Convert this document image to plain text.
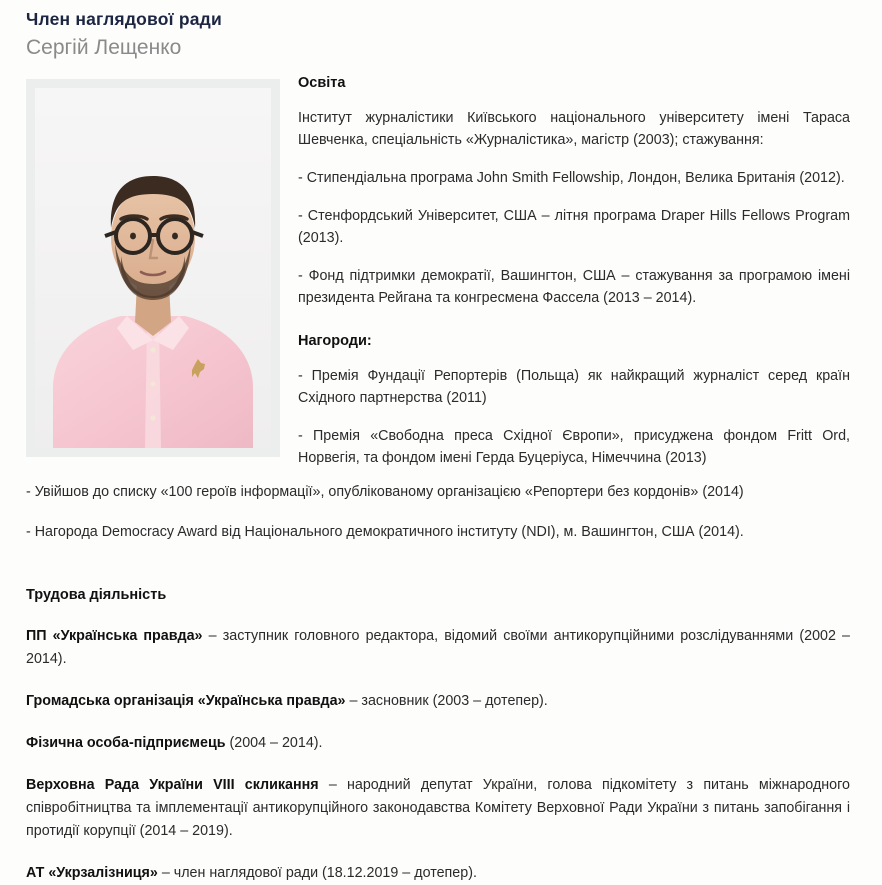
Член наглядової ради
Сергій Лещенко
Освіта

Інститут журналістики Київського національного університету імені Тараса Шевченка, спеціальність «Журналістика», магістр (2003); стажування:

- Стипендіальна програма John Smith Fellowship, Лондон, Велика Британія (2012).

- Стенфордський Університет, США – літня програма Draper Hills Fellows Program (2013).

- Фонд підтримки демократії, Вашингтон, США – стажування за програмою імені президента Рейгана та конгресмена Фассела (2013 – 2014).

Нагороди:

- Премія Фундації Репортерів (Польща) як найкращий журналіст серед країн Східного партнерства (2011)

- Премія «Свободна преса Східної Європи», присуджена фондом Fritt Ord, Норвегія, та фондом імені Герда Буцеріуса, Німеччина (2013)

- Увійшов до списку «100 героїв інформації», опублікованому організацією «Репортери без кордонів» (2014)

- Нагорода Democracy Award від Національного демократичного інституту (NDI), м. Вашингтон, США (2014).

Трудова діяльність

ПП «Українська правда» – заступник головного редактора, відомий своїми антикорупційними розслідуваннями (2002 – 2014).

Громадська організація «Українська правда» – засновник (2003 – дотепер).

Фізична особа-підприємець (2004 – 2014).

Верховна Рада України VIII скликання – народний депутат України, голова підкомітету з питань міжнародного співробітництва та імплементації антикорупційного законодавства Комітету Верховної Ради України з питань запобігання і протидії корупції (2014 – 2019).

АТ «Укрзалізниця» – член наглядової ради (18.12.2019 – дотепер).
